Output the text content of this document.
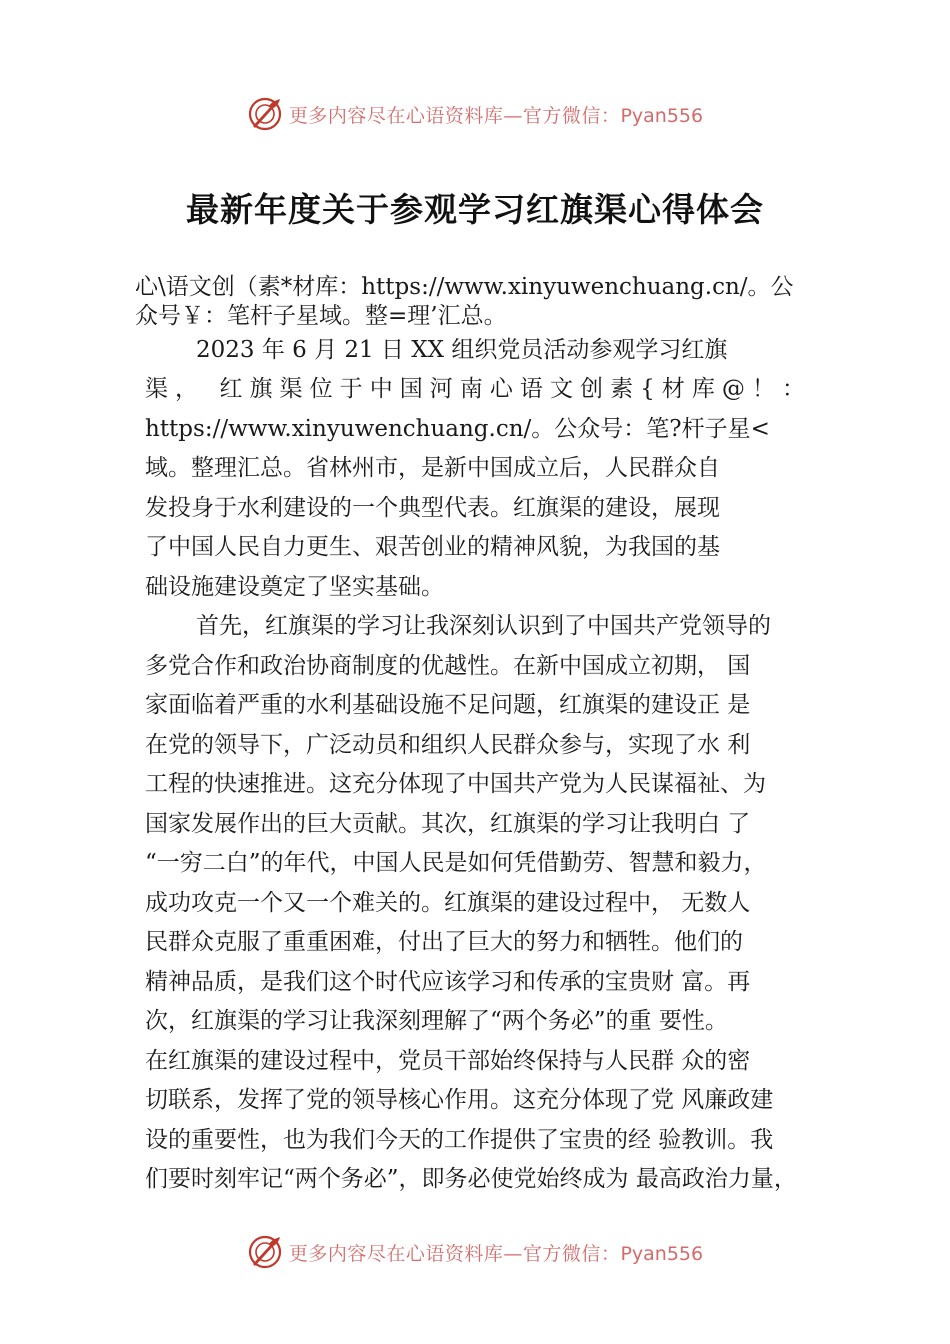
更多内容尽在心语资料库—官方微信：Pyan556
最新年度关于参观学习红旗渠心得体会
心\语文创（素*材库：https://www.xinyuwenchuang.cn/。公
众号￥：笔杆子星域。整=理’汇总。
2023 年 6 月 21 日 XX 组织党员活动参观学习红旗
渠， 红旗渠位于中国河南心语文创素{材库@！：
https://www.xinyuwenchuang.cn/。公众号：笔?杆子星<
域。整理汇总。省林州市，是新中国成立后，人民群众自
发投身于水利建设的一个典型代表。红旗渠的建设，展现
了中国人民自力更生、艰苦创业的精神风貌，为我国的基
础设施建设奠定了坚实基础。
首先，红旗渠的学习让我深刻认识到了中国共产党领导的
多党合作和政治协商制度的优越性。在新中国成立初期， 国
家面临着严重的水利基础设施不足问题，红旗渠的建设正 是
在党的领导下，广泛动员和组织人民群众参与，实现了水 利
工程的快速推进。这充分体现了中国共产党为人民谋福祉、为
国家发展作出的巨大贡献。其次，红旗渠的学习让我明白 了
“一穷二白”的年代，中国人民是如何凭借勤劳、智慧和毅力，
成功攻克一个又一个难关的。红旗渠的建设过程中， 无数人
民群众克服了重重困难，付出了巨大的努力和牺牲。他们的
精神品质，是我们这个时代应该学习和传承的宝贵财 富。再
次，红旗渠的学习让我深刻理解了“两个务必”的重 要性。
在红旗渠的建设过程中，党员干部始终保持与人民群 众的密
切联系，发挥了党的领导核心作用。这充分体现了党 风廉政建
设的重要性，也为我们今天的工作提供了宝贵的经 验教训。我
们要时刻牢记“两个务必”，即务必使党始终成为 最高政治力量，
更多内容尽在心语资料库—官方微信：Pyan556
